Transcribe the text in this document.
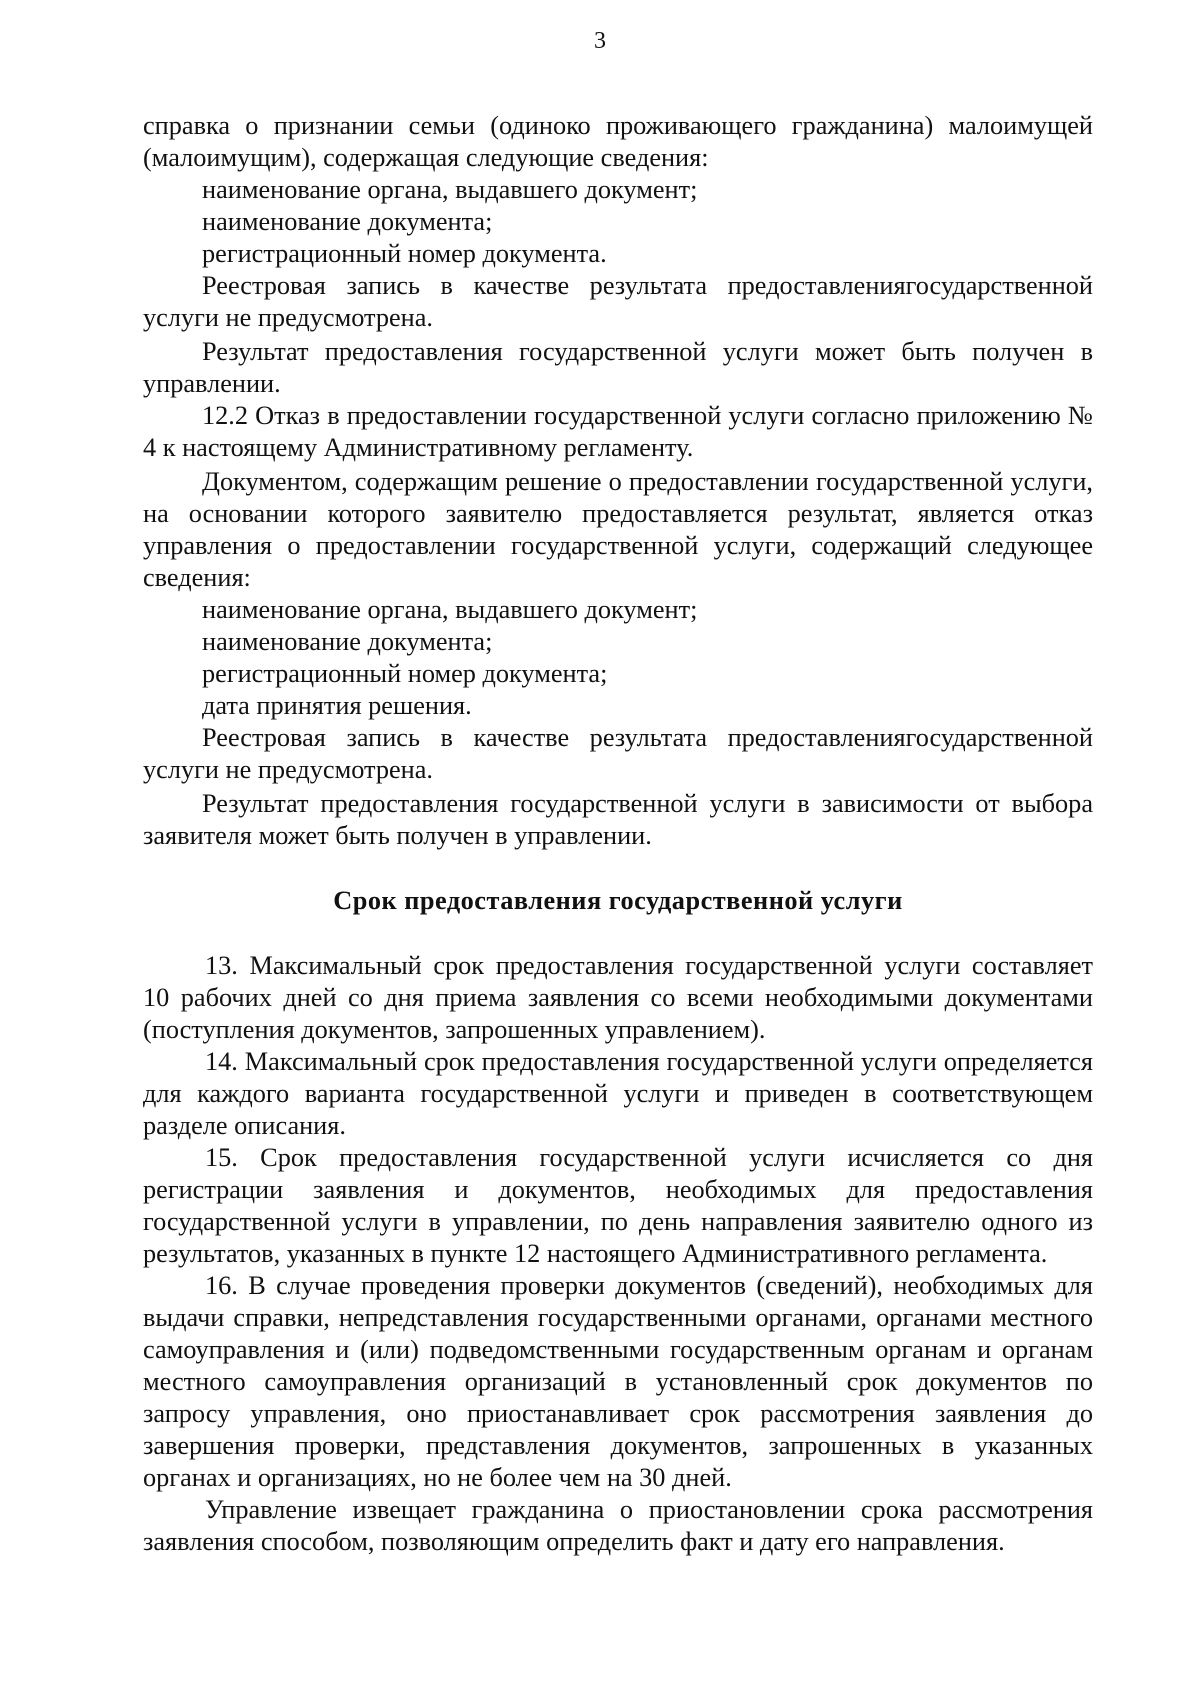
3

справка о признании семьи (одиноко проживающего гражданина) малоимущей (малоимущим), содержащая следующие сведения:

наименование органа, выдавшего документ;

наименование документа;

регистрационный номер документа.

Реестровая запись в качестве результата предоставлениягосударственной услуги не предусмотрена.

Результат предоставления государственной услуги может быть получен в управлении.

12.2 Отказ в предоставлении государственной услуги согласно приложению № 4 к настоящему Административному регламенту.

Документом, содержащим решение о предоставлении государственной услуги, на основании которого заявителю предоставляется результат, является отказ управления о предоставлении государственной услуги, содержащий следующее сведения:

наименование органа, выдавшего документ;

наименование документа;

регистрационный номер документа;

дата принятия решения.

Реестровая запись в качестве результата предоставлениягосударственной услуги не предусмотрена.

Результат предоставления государственной услуги в зависимости от выбора заявителя может быть получен в управлении.

Срок предоставления государственной услуги

13. Максимальный срок предоставления государственной услуги составляет 10 рабочих дней со дня приема заявления со всеми необходимыми документами (поступления документов, запрошенных управлением).

14. Максимальный срок предоставления государственной услуги определяется для каждого варианта государственной услуги и приведен в соответствующем разделе описания.

15. Срок предоставления государственной услуги исчисляется со дня регистрации заявления и документов, необходимых для предоставления государственной услуги в управлении, по день направления заявителю одного из результатов, указанных в пункте 12 настоящего Административного регламента.

16. В случае проведения проверки документов (сведений), необходимых для выдачи справки, непредставления государственными органами, органами местного самоуправления и (или) подведомственными государственным органам и органам местного самоуправления организаций в установленный срок документов по запросу управления, оно приостанавливает срок рассмотрения заявления до завершения проверки, представления документов, запрошенных в указанных органах и организациях, но не более чем на 30 дней.

Управление извещает гражданина о приостановлении срока рассмотрения заявления способом, позволяющим определить факт и дату его направления.
